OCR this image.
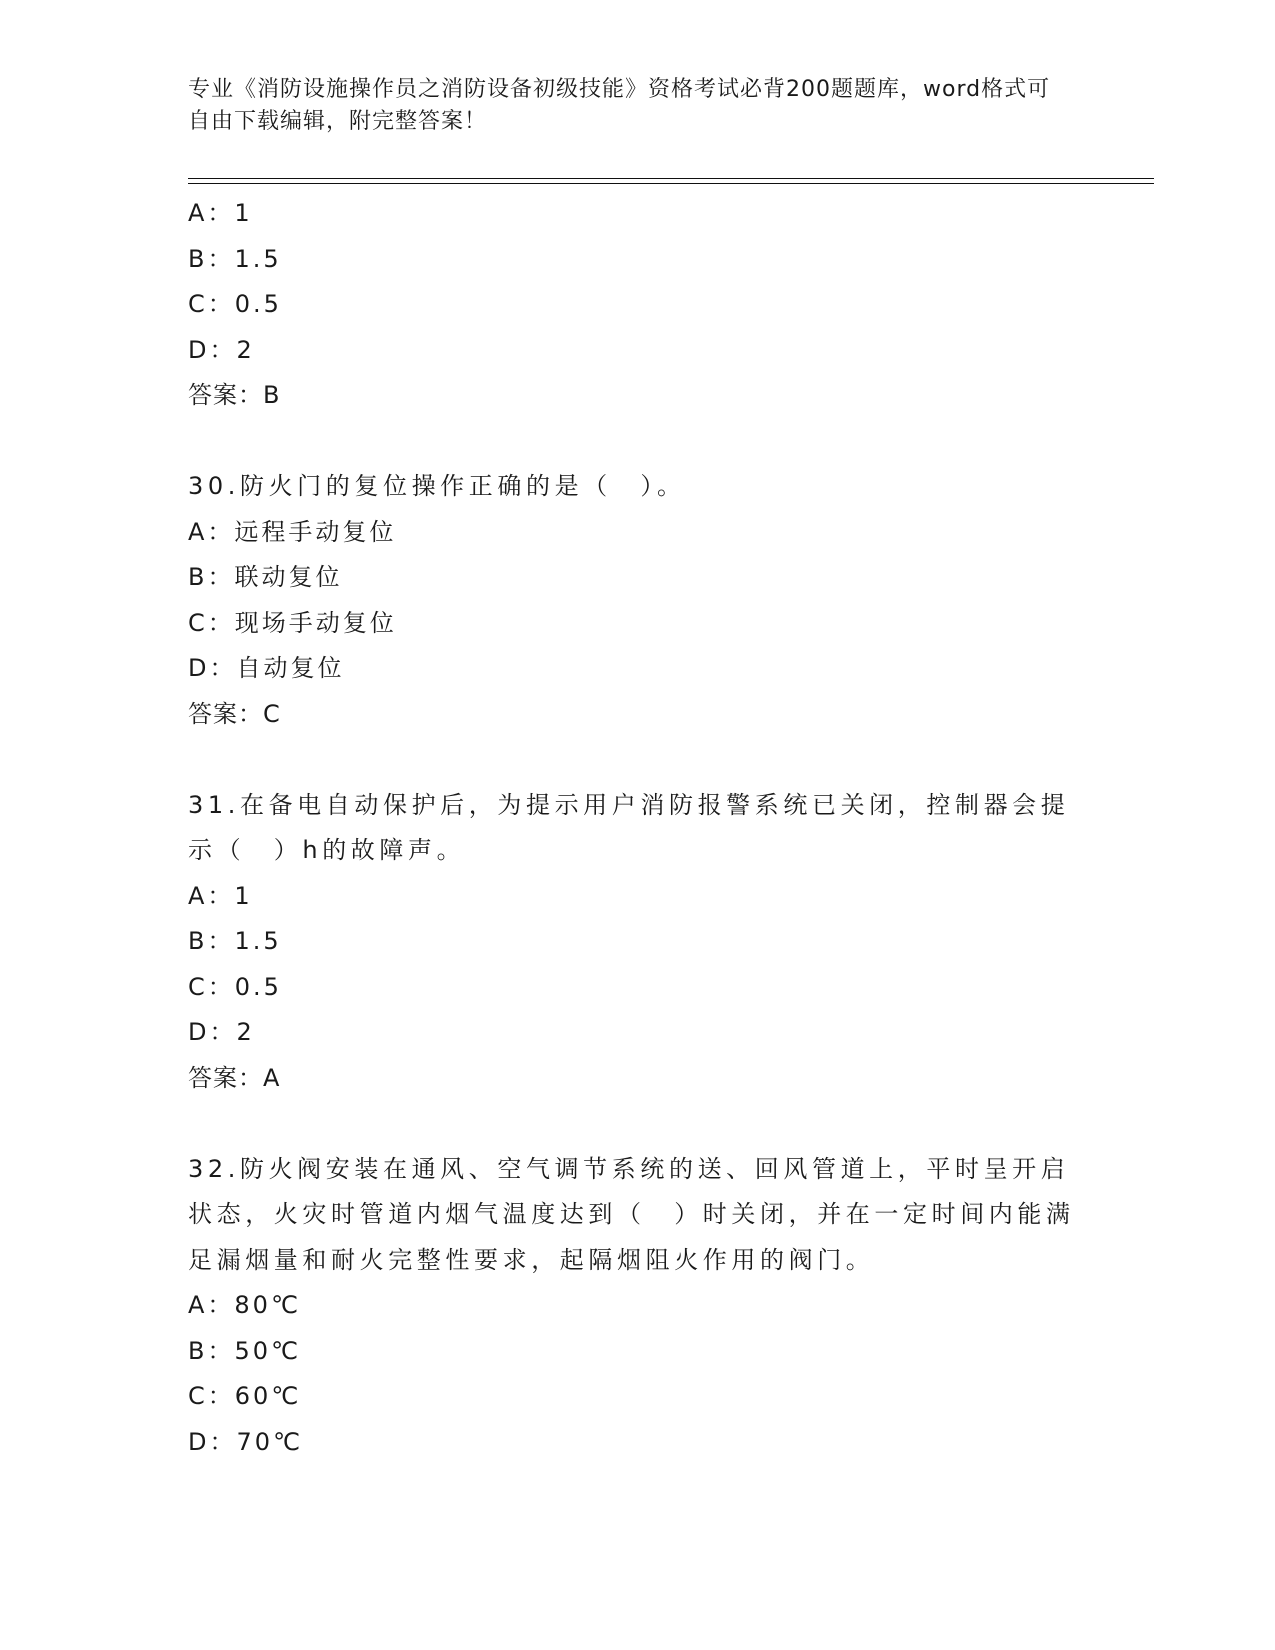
专业《消防设施操作员之消防设备初级技能》资格考试必背200题题库，word格式可自由下载编辑，附完整答案！
A：1
B：1.5
C：0.5
D：2
答案：B
30.防火门的复位操作正确的是（　）。
A：远程手动复位
B：联动复位
C：现场手动复位
D：自动复位
答案：C
31.在备电自动保护后，为提示用户消防报警系统已关闭，控制器会提示（　）h的故障声。
A：1
B：1.5
C：0.5
D：2
答案：A
32.防火阀安装在通风、空气调节系统的送、回风管道上，平时呈开启状态，火灾时管道内烟气温度达到（　）时关闭，并在一定时间内能满足漏烟量和耐火完整性要求，起隔烟阻火作用的阀门。
A：80℃
B：50℃
C：60℃
D：70℃
